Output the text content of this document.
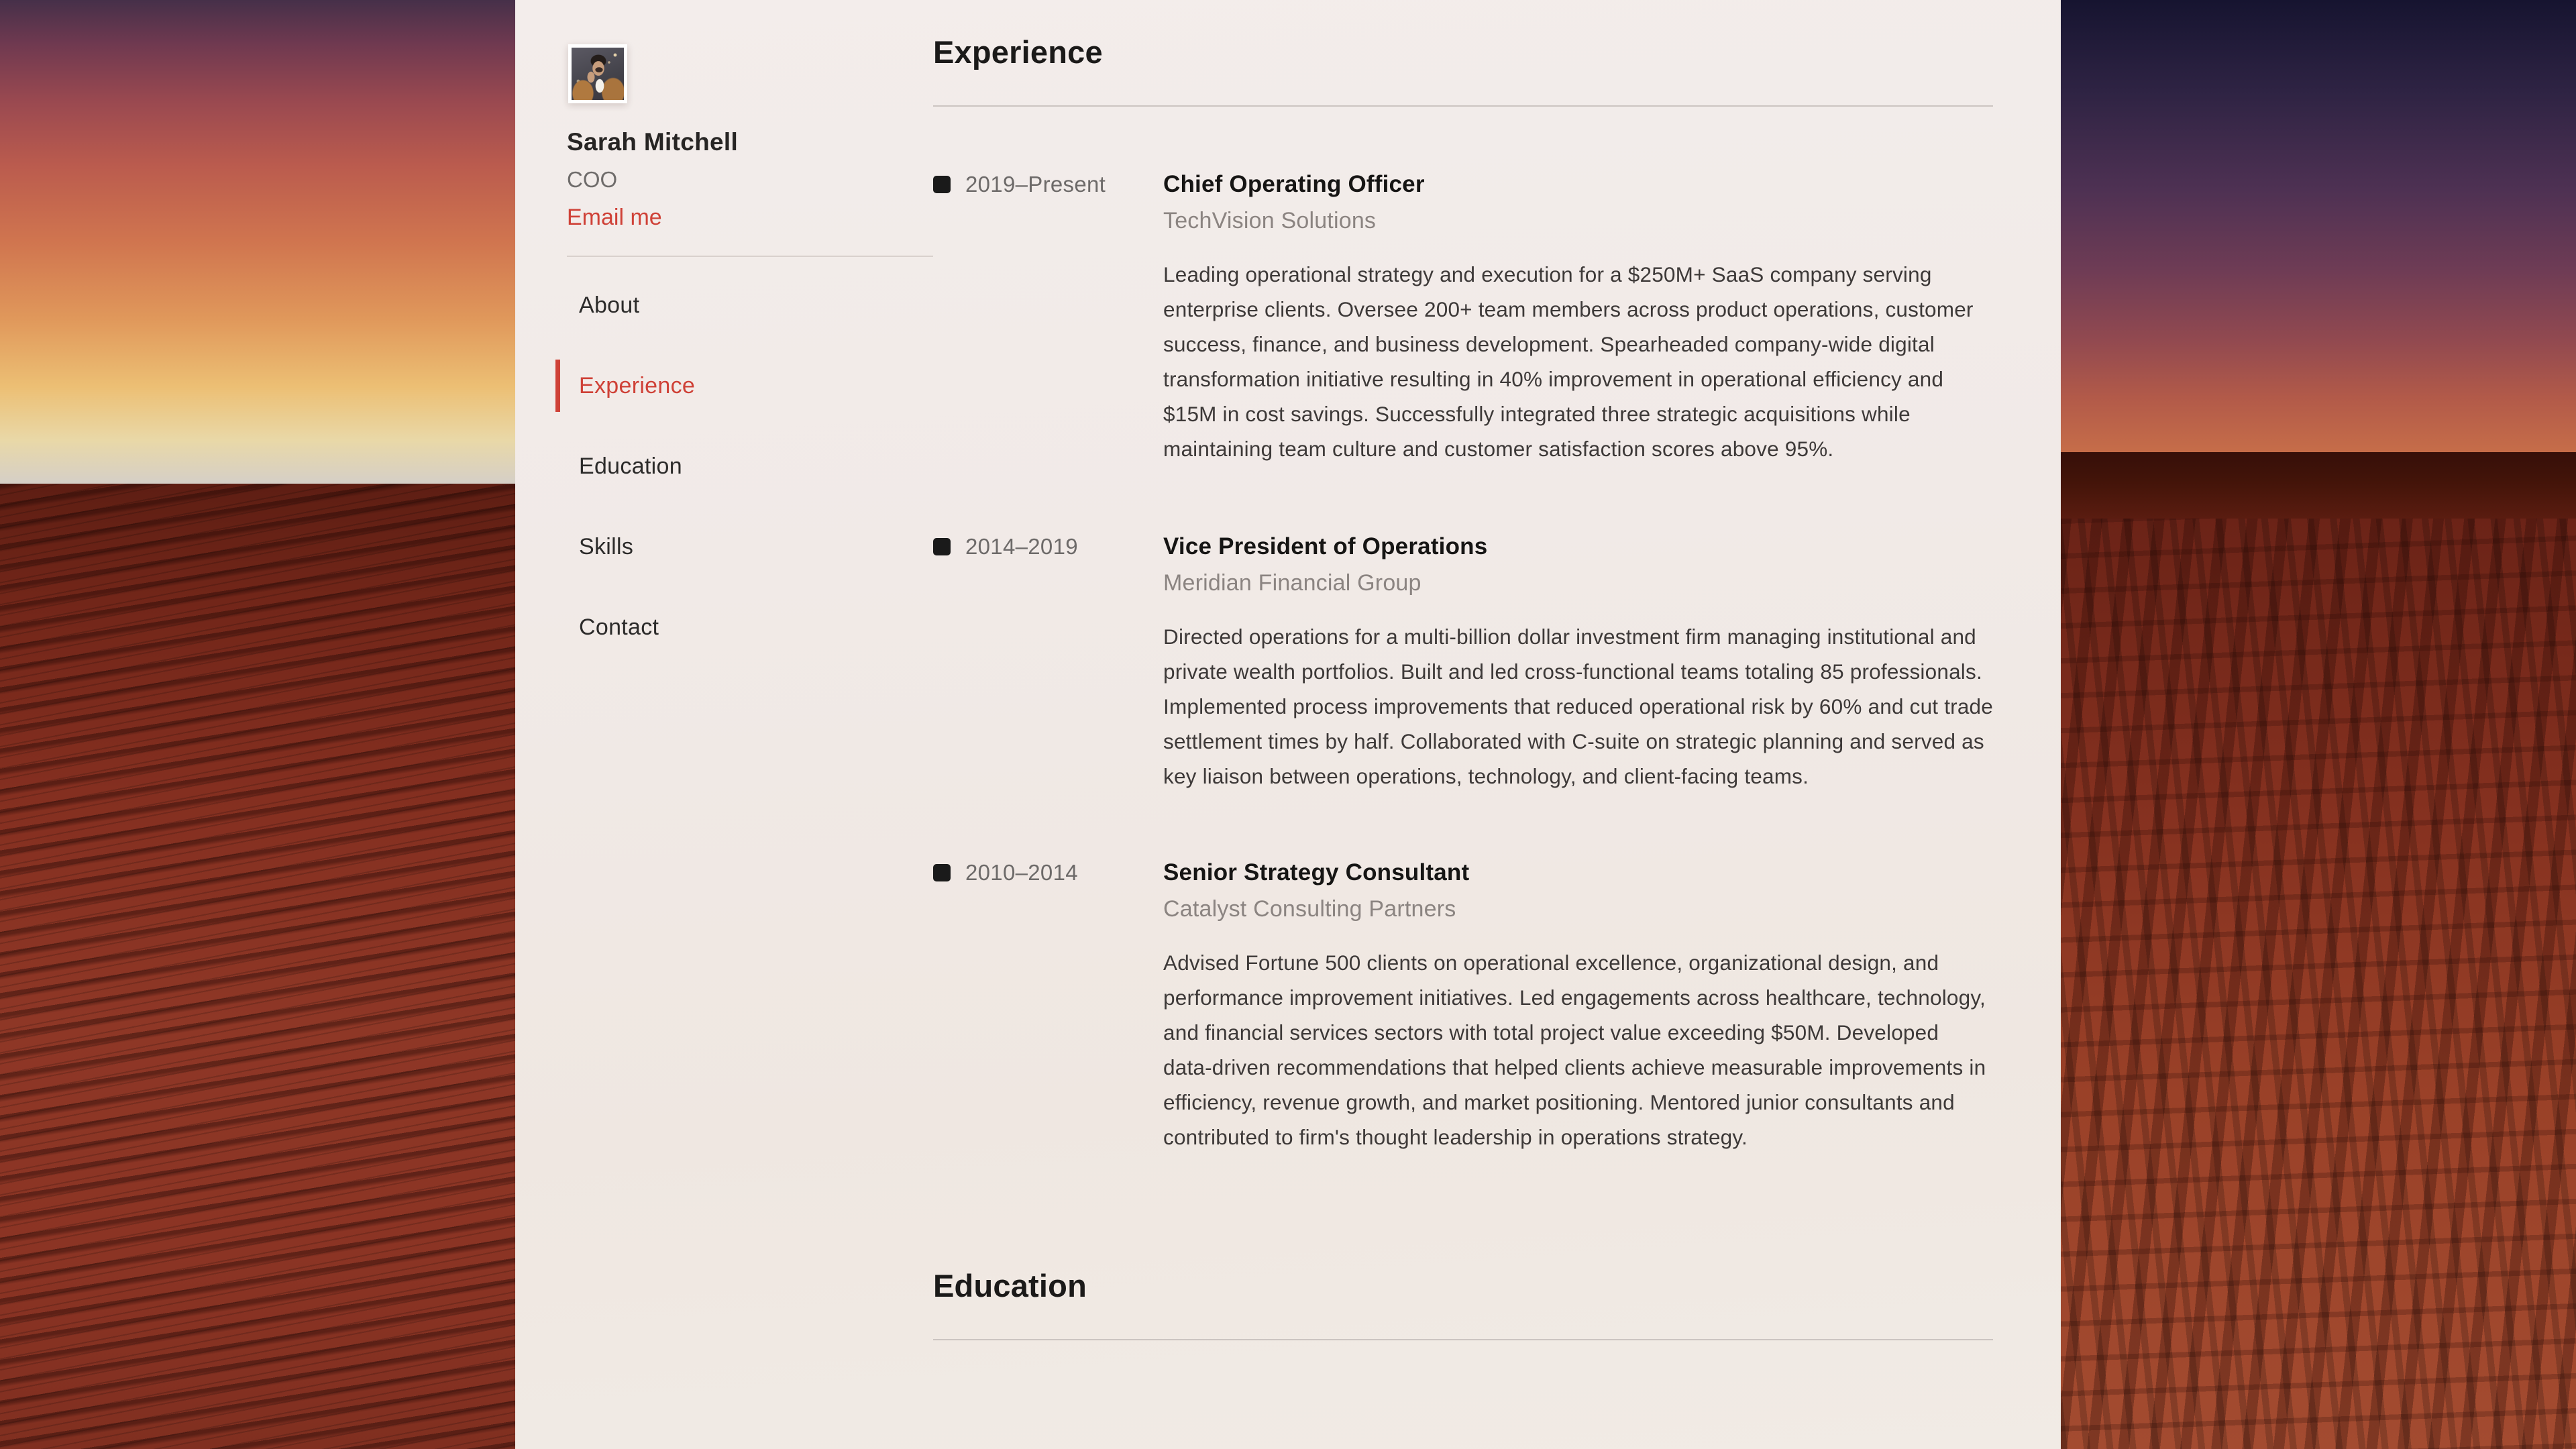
Sarah Mitchell
COO
Email me
About
Experience
Education
Skills
Contact
Experience
2019–Present Chief Operating Officer
TechVision Solutions
Leading operational strategy and execution for a $250M+ SaaS company serving enterprise clients. Oversee 200+ team members across product operations, customer success, finance, and business development. Spearheaded company-wide digital transformation initiative resulting in 40% improvement in operational efficiency and $15M in cost savings. Successfully integrated three strategic acquisitions while maintaining team culture and customer satisfaction scores above 95%.
2014–2019	Vice President of Operations
Meridian Financial Group
Directed operations for a multi-billion dollar investment firm managing institutional and private wealth portfolios. Built and led cross-functional teams totaling 85 professionals. Implemented process improvements that reduced operational risk by 60% and cut trade settlement times by half. Collaborated with C-suite on strategic planning and served as key liaison between operations, technology, and client-facing teams.
2010–2014	Senior Strategy Consultant
Catalyst Consulting Partners
Advised Fortune 500 clients on operational excellence, organizational design, and performance improvement initiatives. Led engagements across healthcare, technology, and financial services sectors with total project value exceeding $50M. Developed data-driven recommendations that helped clients achieve measurable improvements in efficiency, revenue growth, and market positioning. Mentored junior consultants and contributed to firm's thought leadership in operations strategy.
Education
